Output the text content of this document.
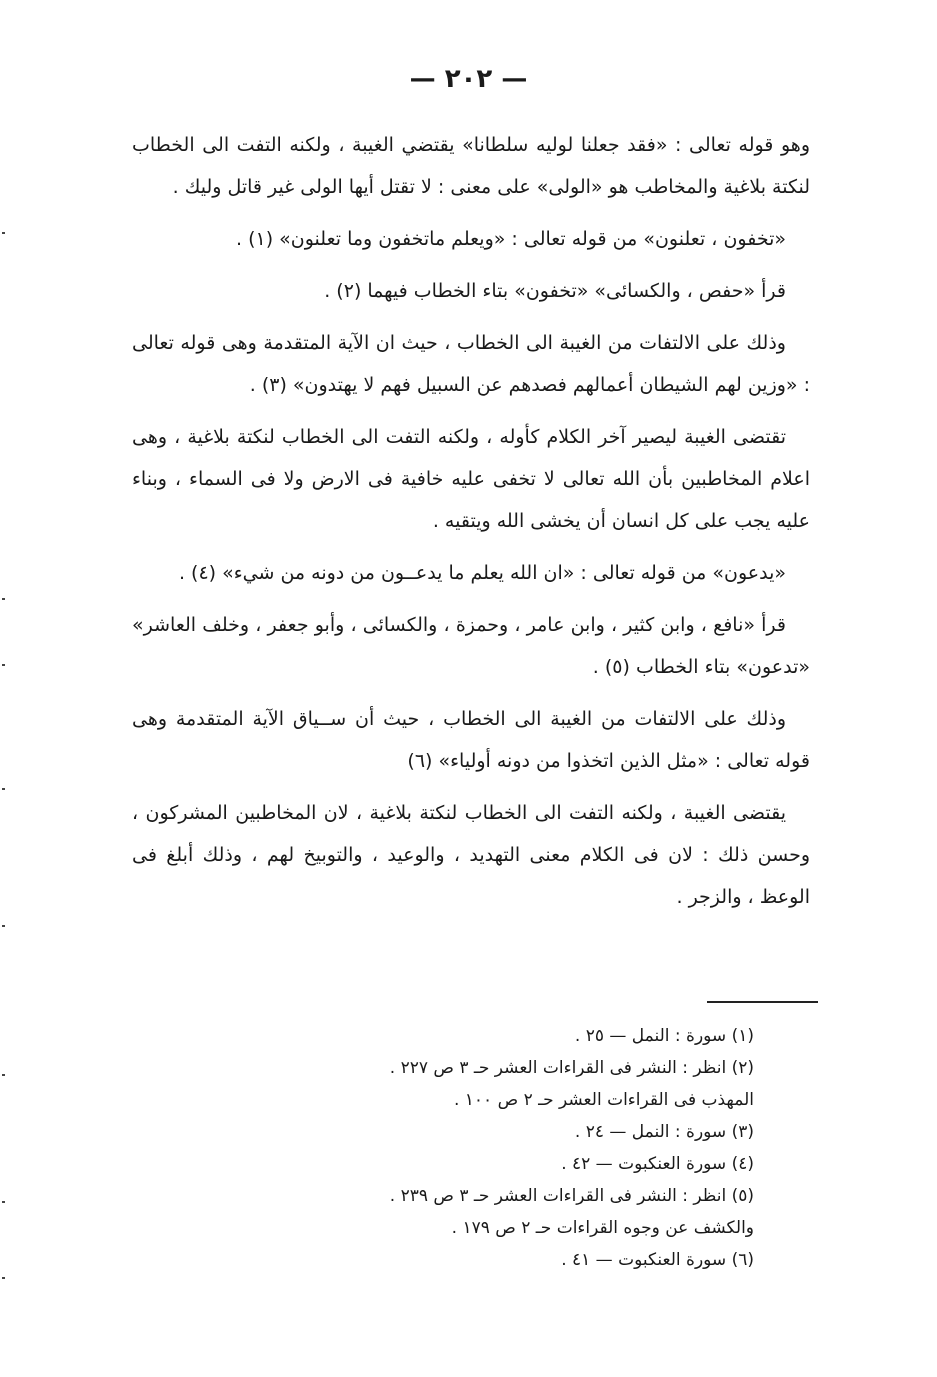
— ٢٠٢ —

وهو قوله تعالى : «فقد جعلنا لوليه سلطانا» يقتضي الغيبة ، ولكنه التفت الى الخطاب لنكتة بلاغية والمخاطب هو «الولى» على معنى : لا تقتل أيها الولى غير قاتل وليك .

«تخفون ، تعلنون» من قوله تعالى : «ويعلم ماتخفون وما تعلنون» (١) .

قرأ «حفص ، والكسائى» «تخفون» بتاء الخطاب فيهما (٢) .

وذلك على الالتفات من الغيبة الى الخطاب ، حيث ان الآية المتقدمة وهى قوله تعالى : «وزين لهم الشيطان أعمالهم فصدهم عن السبيل فهم لا يهتدون» (٣) .

تقتضى الغيبة ليصير آخر الكلام كأوله ، ولكنه التفت الى الخطاب لنكتة بلاغية ، وهى اعلام المخاطبين بأن الله تعالى لا تخفى عليه خافية فى الارض ولا فى السماء ، وبناء عليه يجب على كل انسان أن يخشى الله ويتقيه .

«يدعون» من قوله تعالى : «ان الله يعلم ما يدعــون من دونه من شيء» (٤) .

قرأ «نافع ، وابن كثير ، وابن عامر ، وحمزة ، والكسائى ، وأبو جعفر ، وخلف العاشر» «تدعون» بتاء الخطاب (٥) .

وذلك على الالتفات من الغيبة الى الخطاب ، حيث أن ســياق الآية المتقدمة وهى قوله تعالى : «مثل الذين اتخذوا من دونه أولياء» (٦)

يقتضى الغيبة ، ولكنه التفت الى الخطاب لنكتة بلاغية ، لان المخاطبين المشركون ، وحسن ذلك : لان فى الكلام معنى التهديد ، والوعيد ، والتوبيخ لهم ، وذلك أبلغ فى الوعظ ، والزجر .

(١) سورة : النمل — ٢٥ .
(٢) انظر : النشر فى القراءات العشر حـ ٣ ص ٢٢٧ .
المهذب فى القراءات العشر حـ ٢ ص ١٠٠ .
(٣) سورة : النمل — ٢٤ .
(٤) سورة العنكبوت — ٤٢ .
(٥) انظر : النشر فى القراءات العشر حـ ٣ ص ٢٣٩ .
والكشف عن وجوه القراءات حـ ٢ ص ١٧٩ .
(٦) سورة العنكبوت — ٤١ .
